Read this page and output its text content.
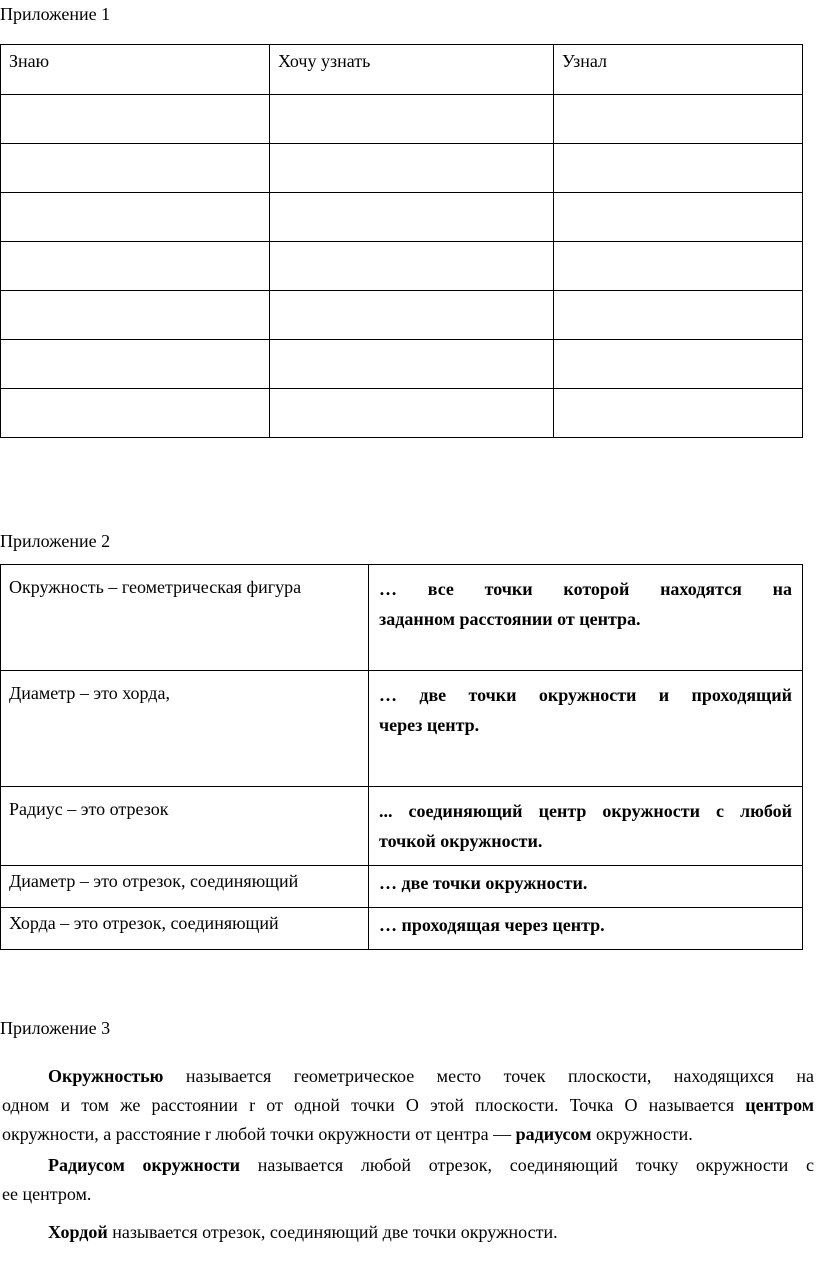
Приложение 1

Знаю	Хочу узнать	Узнал

Приложение 2

Окружность – геометрическая фигура	… все точки которой находятся на
заданном расстоянии от центра.

Диаметр – это хорда,	… две точки окружности и проходящий
через центр.

Радиус – это отрезок	... соединяющий центр окружности с любой
точкой окружности.

Диаметр – это отрезок, соединяющий	… две точки окружности.

Хорда – это отрезок, соединяющий	… проходящая через центр.

Приложение 3

Окружностью называется геометрическое место точек плоскости, находящихся на
одном и том же расстоянии r от одной точки O этой плоскости. Точка O называется центром
окружности, а расстояние r любой точки окружности от центра — радиусом окружности.
Радиусом окружности называется любой отрезок, соединяющий точку окружности с
ее центром.
Хордой называется отрезок, соединяющий две точки окружности.
